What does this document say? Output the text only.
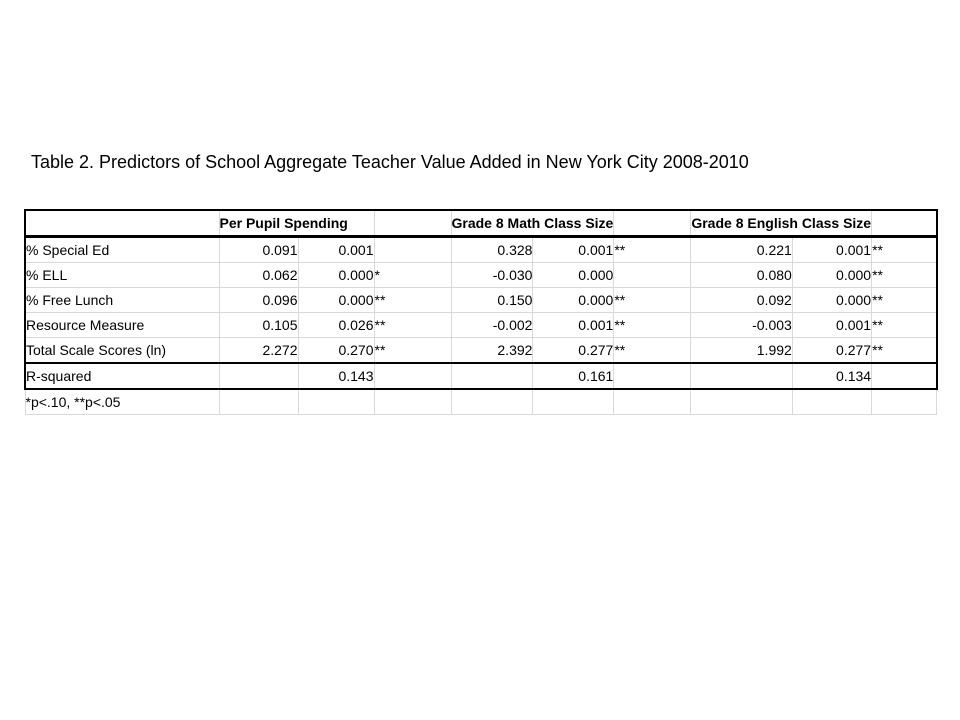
Table 2. Predictors of School Aggregate Teacher Value Added in New York City 2008-2010
	Per Pupil Spending			Grade 8 Math Class Size			Grade 8 English Class Size		
% Special Ed	0.091	0.001		0.328	0.001	**	0.221	0.001	**
% ELL	0.062	0.000	*	-0.030	0.000		0.080	0.000	**
% Free Lunch	0.096	0.000	**	0.150	0.000	**	0.092	0.000	**
Resource Measure	0.105	0.026	**	-0.002	0.001	**	-0.003	0.001	**
Total Scale Scores (ln)	2.272	0.270	**	2.392	0.277	**	1.992	0.277	**
R-squared		0.143			0.161			0.134	
*p<.10, **p<.05									
